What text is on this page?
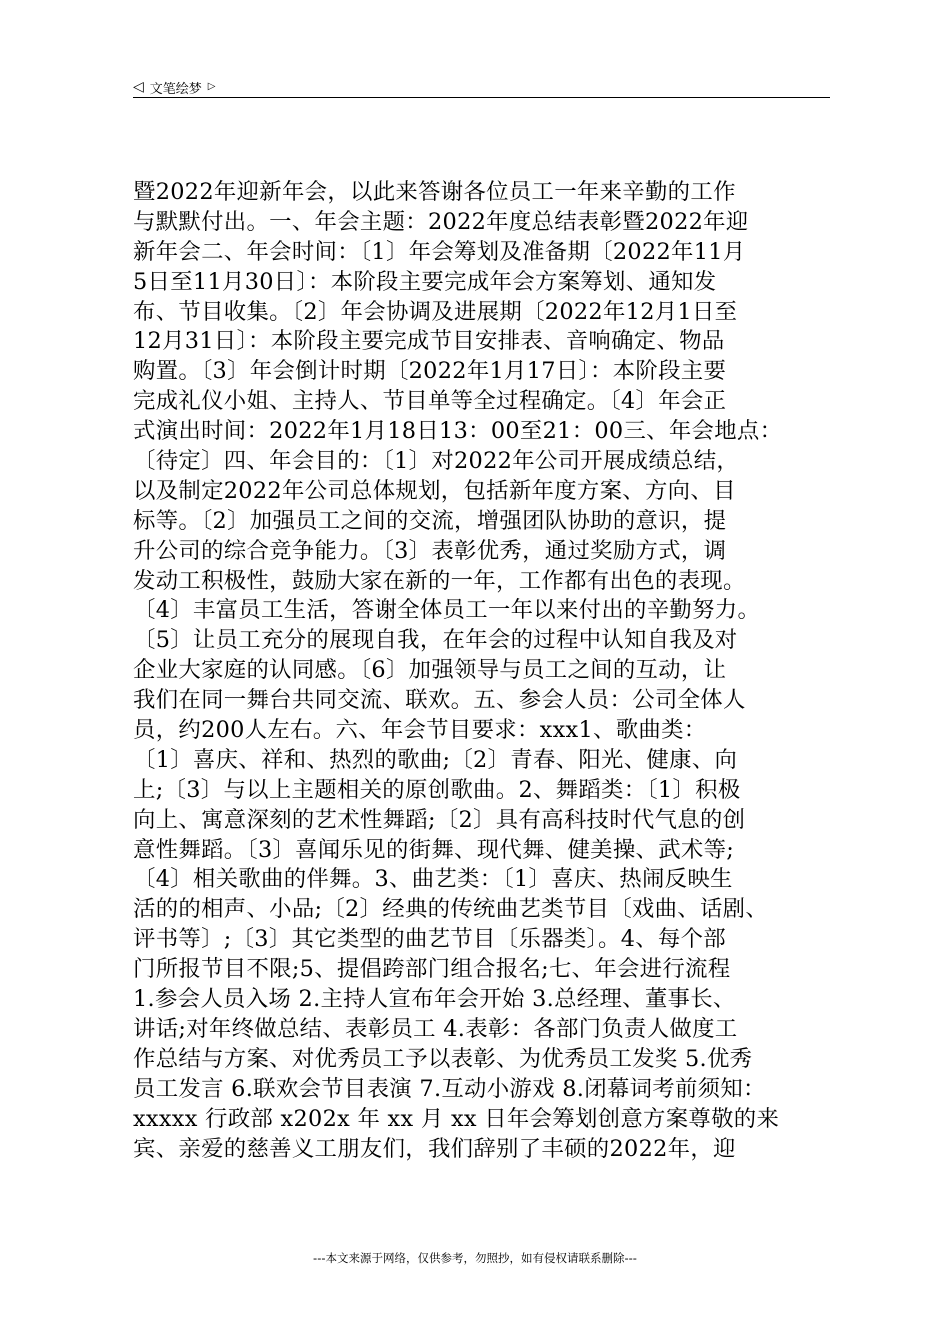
◁ 文笔绘梦 ▷
暨2022年迎新年会，以此来答谢各位员工一年来辛勤的工作
与默默付出。一、年会主题：2022年度总结表彰暨2022年迎
新年会二、年会时间：〔1〕年会筹划及准备期〔2022年11月
5日至11月30日〕：本阶段主要完成年会方案筹划、通知发
布、节目收集。〔2〕年会协调及进展期〔2022年12月1日至
12月31日〕：本阶段主要完成节目安排表、音响确定、物品
购置。〔3〕年会倒计时期〔2022年1月17日〕：本阶段主要
完成礼仪小姐、主持人、节目单等全过程确定。〔4〕年会正
式演出时间：2022年1月18日13：00至21：00三、年会地点：
〔待定〕四、年会目的：〔1〕对2022年公司开展成绩总结，
以及制定2022年公司总体规划，包括新年度方案、方向、目
标等。〔2〕加强员工之间的交流，增强团队协助的意识，提
升公司的综合竞争能力。〔3〕表彰优秀，通过奖励方式，调
发动工积极性，鼓励大家在新的一年，工作都有出色的表现。
〔4〕丰富员工生活，答谢全体员工一年以来付出的辛勤努力。
〔5〕让员工充分的展现自我，在年会的过程中认知自我及对
企业大家庭的认同感。〔6〕加强领导与员工之间的互动，让
我们在同一舞台共同交流、联欢。五、参会人员：公司全体人
员，约200人左右。六、年会节目要求：xxx1、歌曲类：
〔1〕喜庆、祥和、热烈的歌曲;〔2〕青春、阳光、健康、向
上;〔3〕与以上主题相关的原创歌曲。2、舞蹈类：〔1〕积极
向上、寓意深刻的艺术性舞蹈;〔2〕具有高科技时代气息的创
意性舞蹈。〔3〕喜闻乐见的街舞、现代舞、健美操、武术等;
〔4〕相关歌曲的伴舞。3、曲艺类：〔1〕喜庆、热闹反映生
活的的相声、小品;〔2〕经典的传统曲艺类节目〔戏曲、话剧、
评书等〕;〔3〕其它类型的曲艺节目〔乐器类〕。4、每个部
门所报节目不限;5、提倡跨部门组合报名;七、年会进行流程
1.参会人员入场 2.主持人宣布年会开始 3.总经理、董事长、
讲话;对年终做总结、表彰员工 4.表彰：各部门负责人做度工
作总结与方案、对优秀员工予以表彰、为优秀员工发奖 5.优秀
员工发言 6.联欢会节目表演 7.互动小游戏 8.闭幕词考前须知：
xxxxx 行政部 x202x 年 xx 月 xx 日年会筹划创意方案尊敬的来
宾、亲爱的慈善义工朋友们，我们辞别了丰硕的2022年，迎
---本文来源于网络，仅供参考，勿照抄，如有侵权请联系删除---
